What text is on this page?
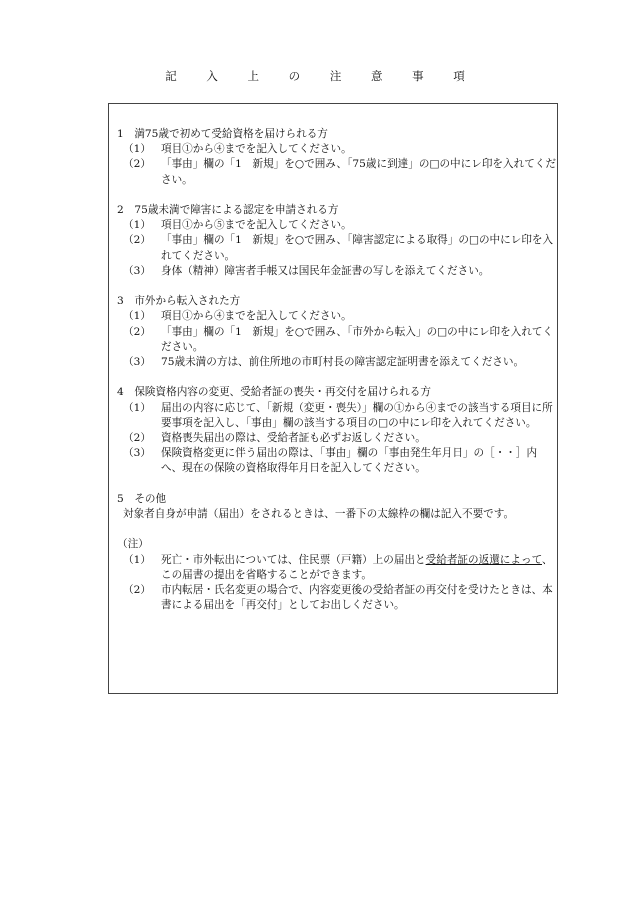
記 入 上 の 注 意 事 項
1　満75歳で初めて受給資格を届けられる方
（1） 項目①から④までを記入してください。
（2） 「事由」欄の「1　新規」を○で囲み、「75歳に到達」の□の中にレ印を入れてください。
2　75歳未満で障害による認定を申請される方
（1） 項目①から⑤までを記入してください。
（2） 「事由」欄の「1　新規」を○で囲み、「障害認定による取得」の□の中にレ印を入れてください。
（3） 身体（精神）障害者手帳又は国民年金証書の写しを添えてください。
3　市外から転入された方
（1） 項目①から④までを記入してください。
（2） 「事由」欄の「1　新規」を○で囲み、「市外から転入」の□の中にレ印を入れてください。
（3） 75歳未満の方は、前住所地の市町村長の障害認定証明書を添えてください。
4　保険資格内容の変更、受給者証の喪失・再交付を届けられる方
（1） 届出の内容に応じて、「新規（変更・喪失）」欄の①から④までの該当する項目に所要事項を記入し、「事由」欄の該当する項目の□の中にレ印を入れてください。
（2） 資格喪失届出の際は、受給者証も必ずお返しください。
（3） 保険資格変更に伴う届出の際は、「事由」欄の「事由発生年月日」の［・・］内へ、現在の保険の資格取得年月日を記入してください。
5　その他
対象者自身が申請（届出）をされるときは、一番下の太線枠の欄は記入不要です。
（注）
（1） 死亡・市外転出については、住民票（戸籍）上の届出と受給者証の返還によって、この届書の提出を省略することができます。
（2） 市内転居・氏名変更の場合で、内容変更後の受給者証の再交付を受けたときは、本書による届出を「再交付」としてお出しください。
